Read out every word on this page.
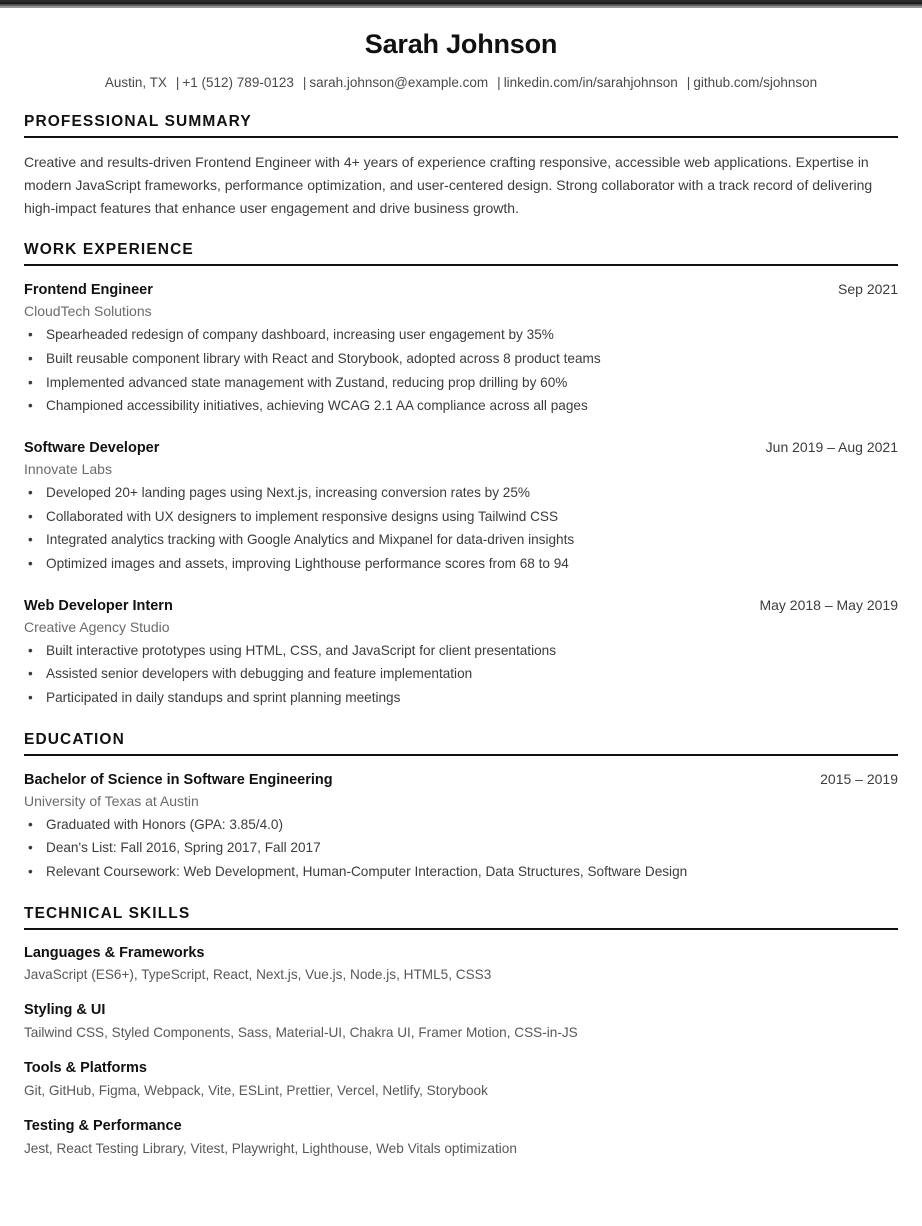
Sarah Johnson
Austin, TX | +1 (512) 789-0123 | sarah.johnson@example.com | linkedin.com/in/sarahjohnson | github.com/sjohnson
PROFESSIONAL SUMMARY

Creative and results-driven Frontend Engineer with 4+ years of experience crafting responsive, accessible web applications. Expertise in modern JavaScript frameworks, performance optimization, and user-centered design. Strong collaborator with a track record of delivering high-impact features that enhance user engagement and drive business growth.

WORK EXPERIENCE
Frontend Engineer	Sep 2021
CloudTech Solutions
• Spearheaded redesign of company dashboard, increasing user engagement by 35%
• Built reusable component library with React and Storybook, adopted across 8 product teams
• Implemented advanced state management with Zustand, reducing prop drilling by 60%
• Championed accessibility initiatives, achieving WCAG 2.1 AA compliance across all pages
Software Developer	Jun 2019 – Aug 2021
Innovate Labs
• Developed 20+ landing pages using Next.js, increasing conversion rates by 25%
• Collaborated with UX designers to implement responsive designs using Tailwind CSS
• Integrated analytics tracking with Google Analytics and Mixpanel for data-driven insights
• Optimized images and assets, improving Lighthouse performance scores from 68 to 94
Web Developer Intern	May 2018 – May 2019
Creative Agency Studio
• Built interactive prototypes using HTML, CSS, and JavaScript for client presentations
• Assisted senior developers with debugging and feature implementation
• Participated in daily standups and sprint planning meetings
EDUCATION
Bachelor of Science in Software Engineering	2015 – 2019
University of Texas at Austin
• Graduated with Honors (GPA: 3.85/4.0)
• Dean's List: Fall 2016, Spring 2017, Fall 2017
• Relevant Coursework: Web Development, Human-Computer Interaction, Data Structures, Software Design
TECHNICAL SKILLS
Languages & Frameworks
JavaScript (ES6+), TypeScript, React, Next.js, Vue.js, Node.js, HTML5, CSS3
Styling & UI
Tailwind CSS, Styled Components, Sass, Material-UI, Chakra UI, Framer Motion, CSS-in-JS
Tools & Platforms
Git, GitHub, Figma, Webpack, Vite, ESLint, Prettier, Vercel, Netlify, Storybook
Testing & Performance
Jest, React Testing Library, Vitest, Playwright, Lighthouse, Web Vitals optimization
